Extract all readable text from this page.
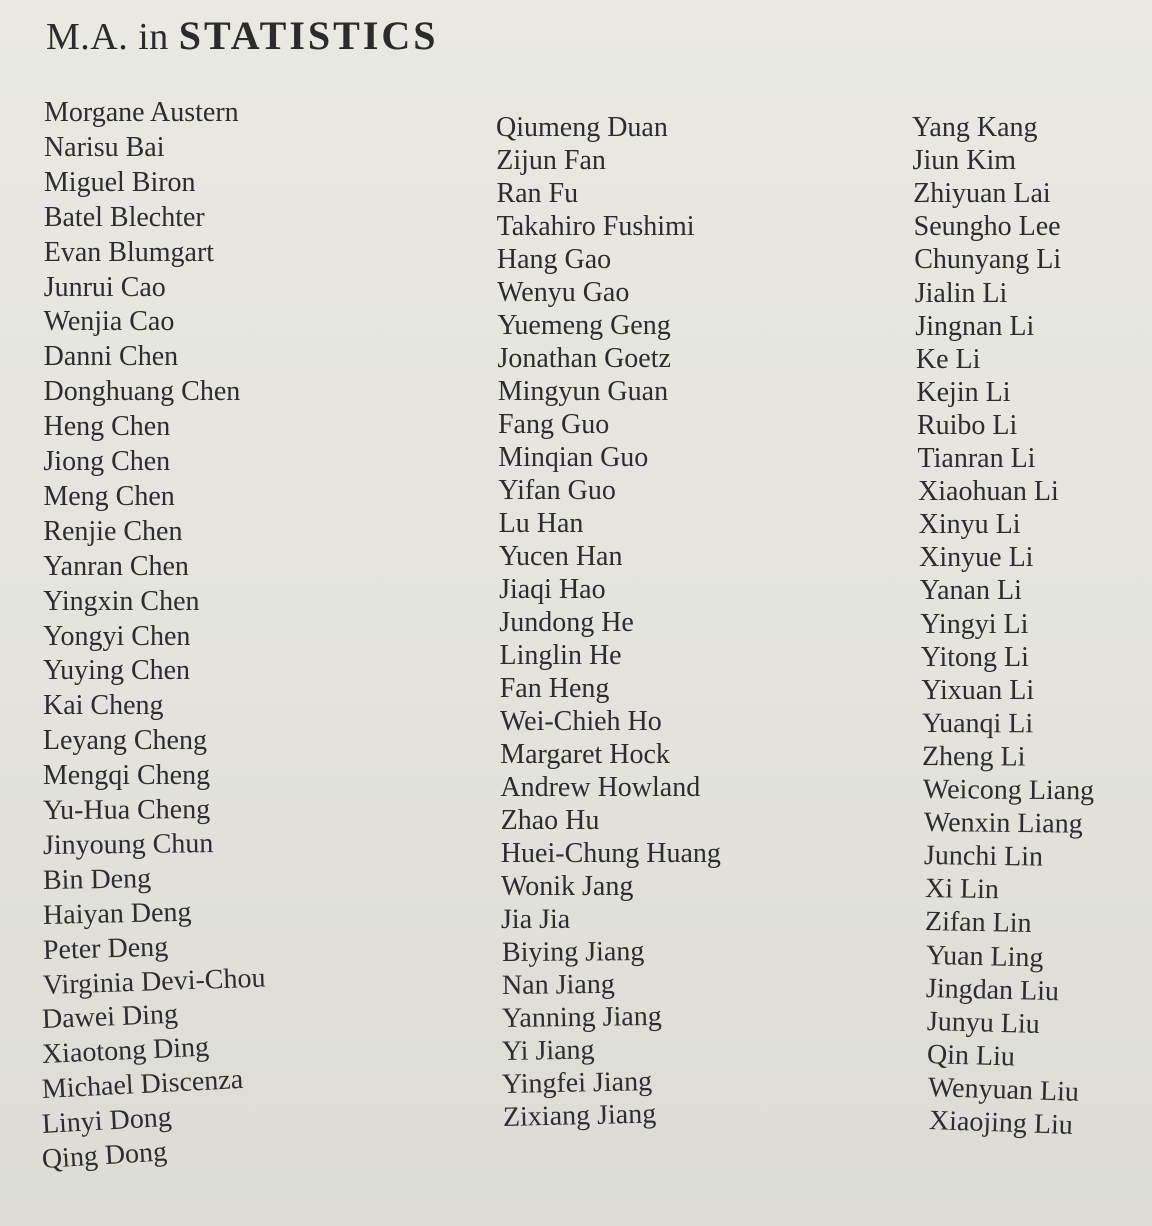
M.A. in STATISTICS
Morgane Austern
Narisu Bai
Miguel Biron
Batel Blechter
Evan Blumgart
Junrui Cao
Wenjia Cao
Danni Chen
Donghuang Chen
Heng Chen
Jiong Chen
Meng Chen
Renjie Chen
Yanran Chen
Yingxin Chen
Yongyi Chen
Yuying Chen
Kai Cheng
Leyang Cheng
Mengqi Cheng
Yu-Hua Cheng
Jinyoung Chun
Bin Deng
Haiyan Deng
Peter Deng
Virginia Devi-Chou
Dawei Ding
Xiaotong Ding
Michael Discenza
Linyi Dong
Qing Dong
Qiumeng Duan
Zijun Fan
Ran Fu
Takahiro Fushimi
Hang Gao
Wenyu Gao
Yuemeng Geng
Jonathan Goetz
Mingyun Guan
Fang Guo
Minqian Guo
Yifan Guo
Lu Han
Yucen Han
Jiaqi Hao
Jundong He
Linglin He
Fan Heng
Wei-Chieh Ho
Margaret Hock
Andrew Howland
Zhao Hu
Huei-Chung Huang
Wonik Jang
Jia Jia
Biying Jiang
Nan Jiang
Yanning Jiang
Yi Jiang
Yingfei Jiang
Zixiang Jiang
Yang Kang
Jiun Kim
Zhiyuan Lai
Seungho Lee
Chunyang Li
Jialin Li
Jingnan Li
Ke Li
Kejin Li
Ruibo Li
Tianran Li
Xiaohuan Li
Xinyu Li
Xinyue Li
Yanan Li
Yingyi Li
Yitong Li
Yixuan Li
Yuanqi Li
Zheng Li
Weicong Liang
Wenxin Liang
Junchi Lin
Xi Lin
Zifan Lin
Yuan Ling
Jingdan Liu
Junyu Liu
Qin Liu
Wenyuan Liu
Xiaojing Liu
